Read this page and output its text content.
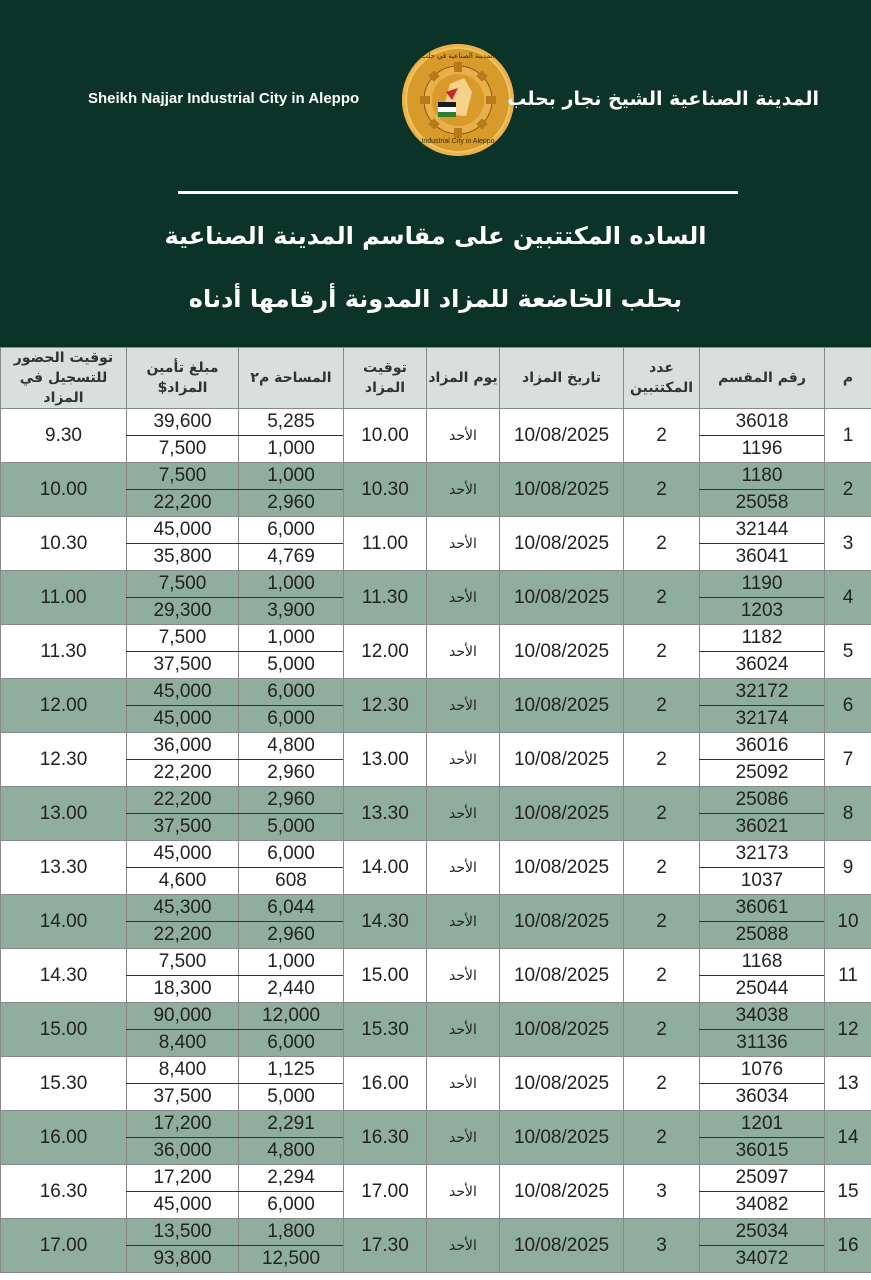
Sheikh Najjar Industrial City in Aleppo
المدينة الصناعية في حلب
Industrial City in Aleppo
المدينة الصناعية الشيخ نجار بحلب
الساده المكتتبين على مقاسم المدينة الصناعية
بحلب الخاضعة للمزاد المدونة أرقامها أدناه
م	رقم المقسم	عدد المكتتبين	تاريخ المزاد	يوم المزاد	توقيت المزاد	المساحة م٢	مبلغ تأمين المزاد$	توقيت الحضور للتسجيل في المزاد
1	36018	2	10/08/2025	الأحد	10.00	5,285	39,600	9.30
	1196					1,000	7,500	
2	1180	2	10/08/2025	الأحد	10.30	1,000	7,500	10.00
	25058					2,960	22,200	
3	32144	2	10/08/2025	الأحد	11.00	6,000	45,000	10.30
	36041					4,769	35,800	
4	1190	2	10/08/2025	الأحد	11.30	1,000	7,500	11.00
	1203					3,900	29,300	
5	1182	2	10/08/2025	الأحد	12.00	1,000	7,500	11.30
	36024					5,000	37,500	
6	32172	2	10/08/2025	الأحد	12.30	6,000	45,000	12.00
	32174					6,000	45,000	
7	36016	2	10/08/2025	الأحد	13.00	4,800	36,000	12.30
	25092					2,960	22,200	
8	25086	2	10/08/2025	الأحد	13.30	2,960	22,200	13.00
	36021					5,000	37,500	
9	32173	2	10/08/2025	الأحد	14.00	6,000	45,000	13.30
	1037					608	4,600	
10	36061	2	10/08/2025	الأحد	14.30	6,044	45,300	14.00
	25088					2,960	22,200	
11	1168	2	10/08/2025	الأحد	15.00	1,000	7,500	14.30
	25044					2,440	18,300	
12	34038	2	10/08/2025	الأحد	15.30	12,000	90,000	15.00
	31136					6,000	8,400	
13	1076	2	10/08/2025	الأحد	16.00	1,125	8,400	15.30
	36034					5,000	37,500	
14	1201	2	10/08/2025	الأحد	16.30	2,291	17,200	16.00
	36015					4,800	36,000	
15	25097	3	10/08/2025	الأحد	17.00	2,294	17,200	16.30
	34082					6,000	45,000	
16	25034	3	10/08/2025	الأحد	17.30	1,800	13,500	17.00
	34072					12,500	93,800	
